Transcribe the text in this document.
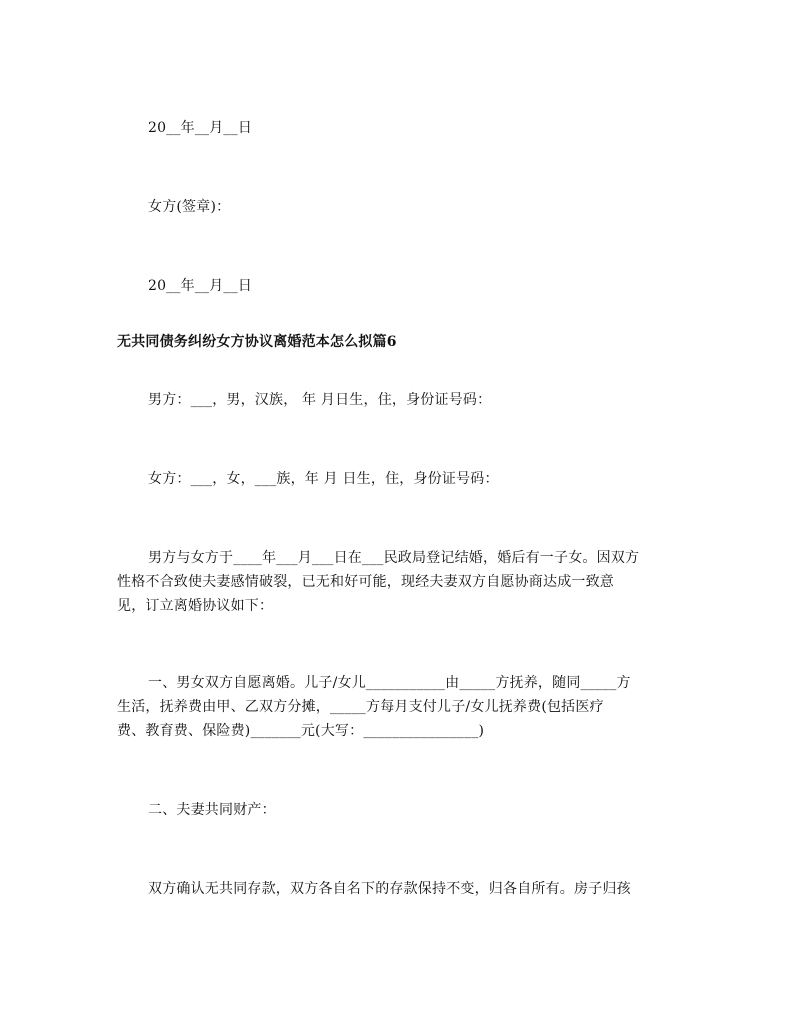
20__年__月__日
女方(签章)：
20__年__月__日
无共同债务纠纷女方协议离婚范本怎么拟篇6
男方：___，男，汉族， 年 月日生，住，身份证号码：
女方：___，女，___族，年 月 日生，住，身份证号码：
男方与女方于____年___月___日在___民政局登记结婚，婚后有一子女。因双方
性格不合致使夫妻感情破裂，已无和好可能，现经夫妻双方自愿协商达成一致意
见，订立离婚协议如下：
一、男女双方自愿离婚。儿子/女儿___________由_____方抚养，随同_____方
生活，抚养费由甲、乙双方分摊，_____方每月支付儿子/女儿抚养费(包括医疗
费、教育费、保险费)_______元(大写：________________)
二、夫妻共同财产：
双方确认无共同存款，双方各自名下的存款保持不变，归各自所有。房子归孩
